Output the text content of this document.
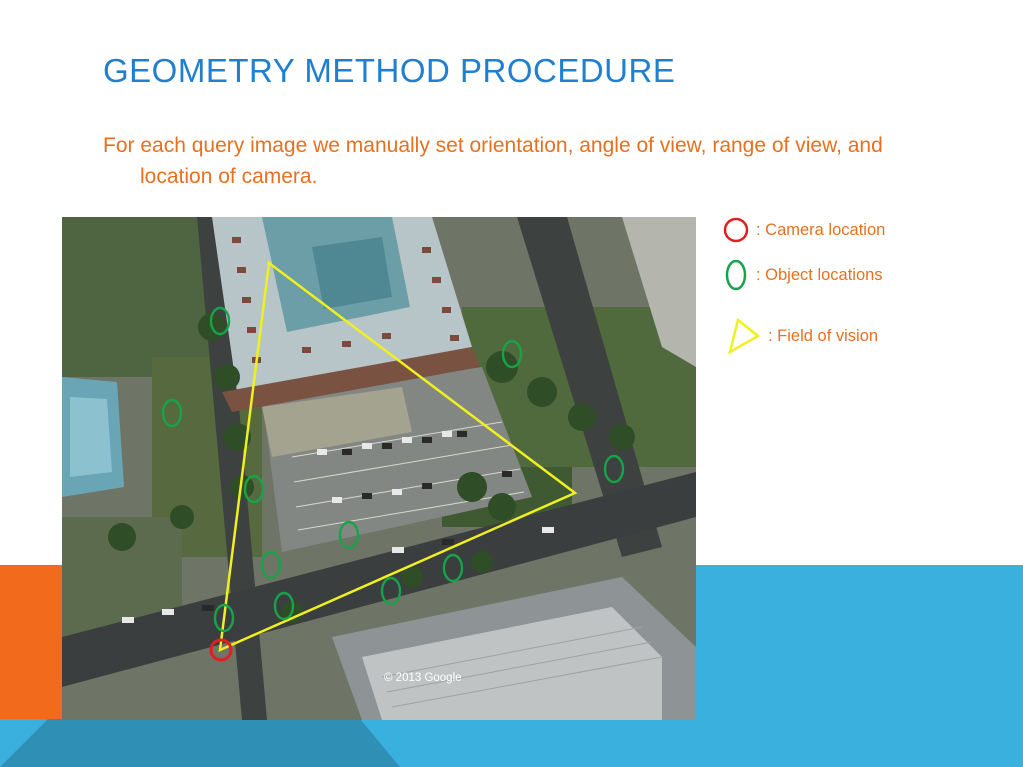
GEOMETRY METHOD PROCEDURE

For each query image we manually set orientation, angle of view, range of view, and location of camera.

© 2013 Google
: Camera location
: Object locations
: Field of vision
